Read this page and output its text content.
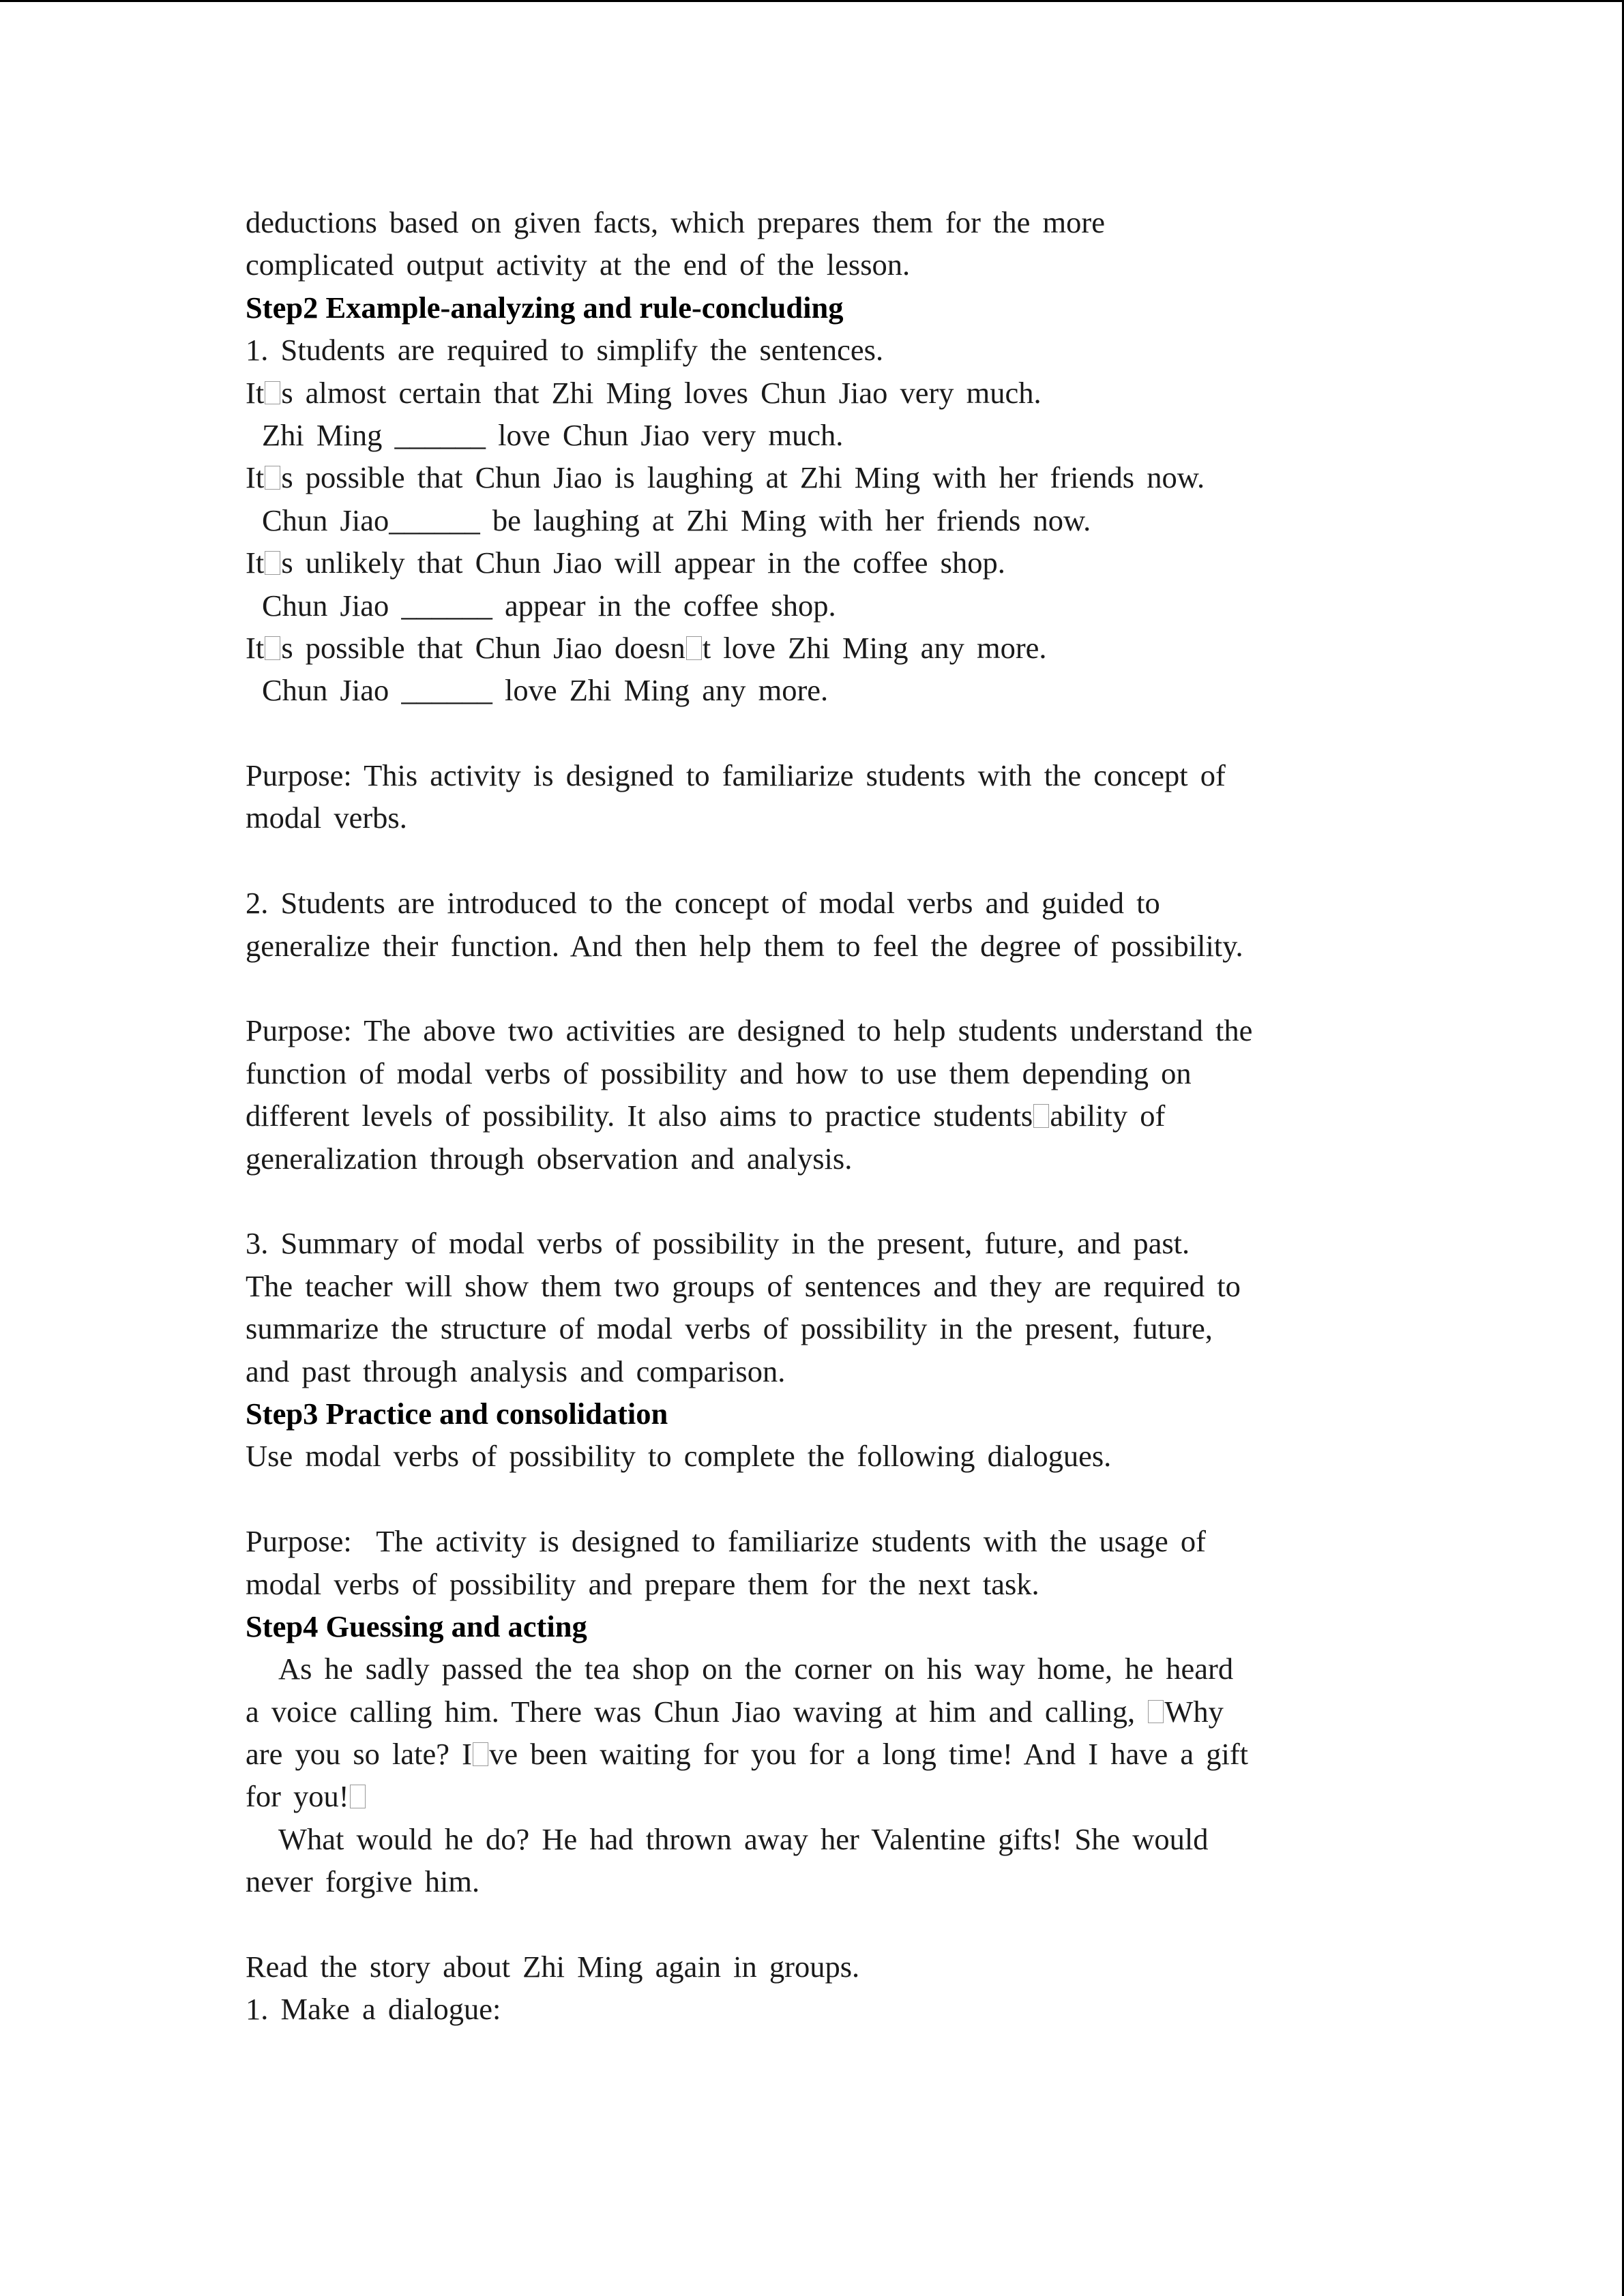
deductions based on given facts, which prepares them for the more
complicated output activity at the end of the lesson.
Step2 Example-analyzing and rule-concluding
1. Students are required to simplify the sentences.
It s almost certain that Zhi Ming loves Chun Jiao very much.
Zhi Ming ______ love Chun Jiao very much.
It s possible that Chun Jiao is laughing at Zhi Ming with her friends now.
Chun Jiao______ be laughing at Zhi Ming with her friends now.
It s unlikely that Chun Jiao will appear in the coffee shop.
Chun Jiao ______ appear in the coffee shop.
It s possible that Chun Jiao doesn t love Zhi Ming any more.
Chun Jiao ______ love Zhi Ming any more.
Purpose: This activity is designed to familiarize students with the concept of
modal verbs.
2. Students are introduced to the concept of modal verbs and guided to
generalize their function. And then help them to feel the degree of possibility.
Purpose: The above two activities are designed to help students understand the
function of modal verbs of possibility and how to use them depending on
different levels of possibility. It also aims to practice students ability of
generalization through observation and analysis.
3. Summary of modal verbs of possibility in the present, future, and past.
The teacher will show them two groups of sentences and they are required to
summarize the structure of modal verbs of possibility in the present, future,
and past through analysis and comparison.
Step3 Practice and consolidation
Use modal verbs of possibility to complete the following dialogues.
Purpose:  The activity is designed to familiarize students with the usage of
modal verbs of possibility and prepare them for the next task.
Step4 Guessing and acting
As he sadly passed the tea shop on the corner on his way home, he heard
a voice calling him. There was Chun Jiao waving at him and calling, Why
are you so late? I ve been waiting for you for a long time! And I have a gift
for you!
What would he do? He had thrown away her Valentine gifts! She would
never forgive him.
Read the story about Zhi Ming again in groups.
1. Make a dialogue:
